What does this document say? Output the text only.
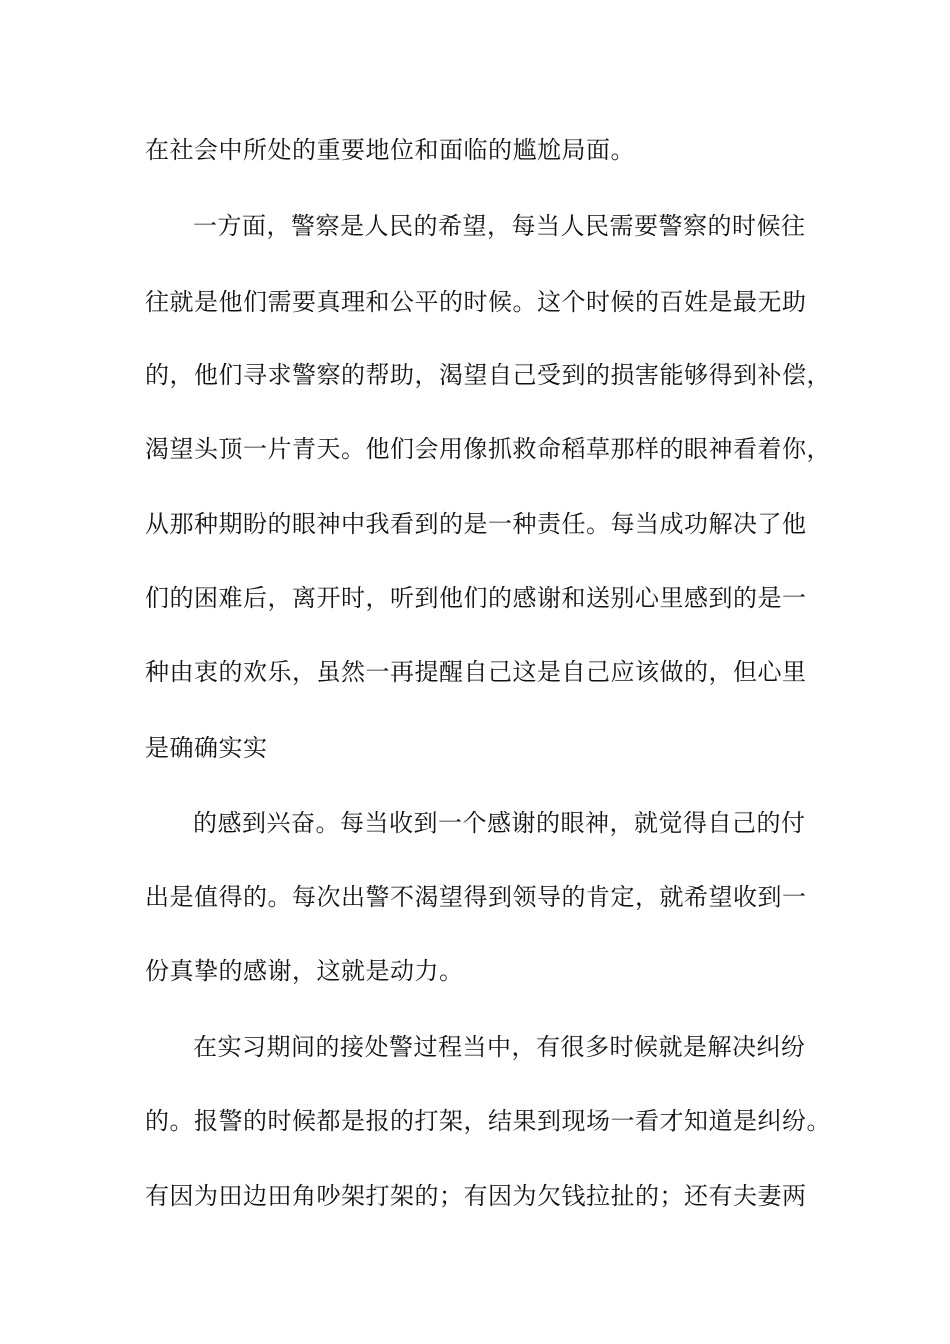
在社会中所处的重要地位和面临的尴尬局面。
一方面，警察是人民的希望，每当人民需要警察的时候往
往就是他们需要真理和公平的时候。这个时候的百姓是最无助
的，他们寻求警察的帮助，渴望自己受到的损害能够得到补偿，
渴望头顶一片青天。他们会用像抓救命稻草那样的眼神看着你，
从那种期盼的眼神中我看到的是一种责任。每当成功解决了他
们的困难后，离开时，听到他们的感谢和送别心里感到的是一
种由衷的欢乐，虽然一再提醒自己这是自己应该做的，但心里
是确确实实
的感到兴奋。每当收到一个感谢的眼神，就觉得自己的付
出是值得的。每次出警不渴望得到领导的肯定，就希望收到一
份真挚的感谢，这就是动力。
在实习期间的接处警过程当中，有很多时候就是解决纠纷
的。报警的时候都是报的打架，结果到现场一看才知道是纠纷。
有因为田边田角吵架打架的；有因为欠钱拉扯的；还有夫妻两
